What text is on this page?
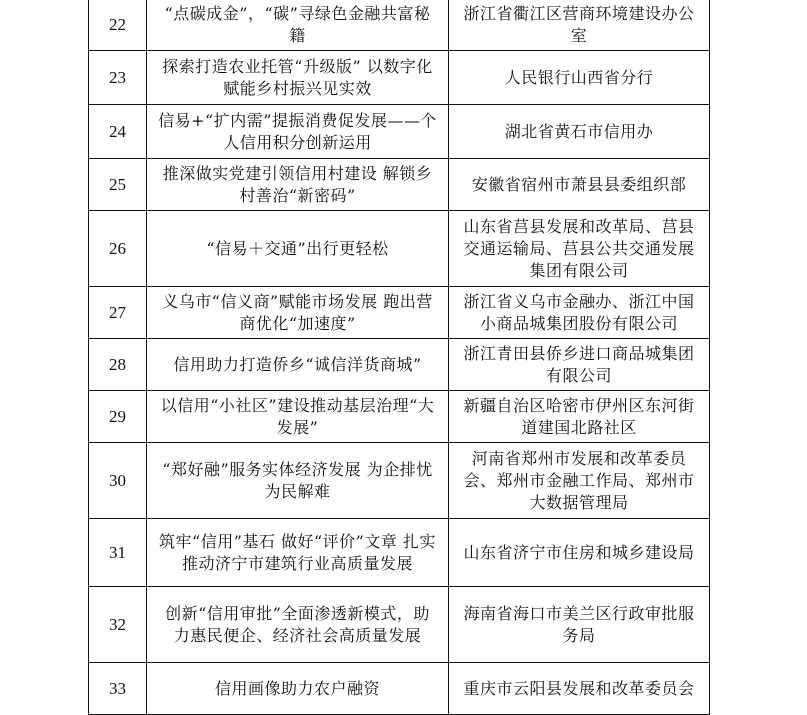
22	“点碳成金”，“碳”寻绿色金融共富秘籍	浙江省衢江区营商环境建设办公室
23	探索打造农业托管“升级版” 以数字化赋能乡村振兴见实效	人民银行山西省分行
24	信易+“扩内需”提振消费促发展——个人信用积分创新运用	湖北省黄石市信用办
25	推深做实党建引领信用村建设 解锁乡村善治“新密码”	安徽省宿州市萧县县委组织部
26	“信易＋交通”出行更轻松	山东省莒县发展和改革局、莒县交通运输局、莒县公共交通发展集团有限公司
27	义乌市“信义商”赋能市场发展 跑出营商优化“加速度”	浙江省义乌市金融办、浙江中国小商品城集团股份有限公司
28	信用助力打造侨乡“诚信洋货商城”	浙江青田县侨乡进口商品城集团有限公司
29	以信用“小社区”建设推动基层治理“大发展”	新疆自治区哈密市伊州区东河街道建国北路社区
30	“郑好融”服务实体经济发展 为企排忧 为民解难	河南省郑州市发展和改革委员会、郑州市金融工作局、郑州市大数据管理局
31	筑牢“信用”基石 做好“评价”文章 扎实推动济宁市建筑行业高质量发展	山东省济宁市住房和城乡建设局
32	创新“信用审批”全面渗透新模式，助力惠民便企、经济社会高质量发展	海南省海口市美兰区行政审批服务局
33	信用画像助力农户融资	重庆市云阳县发展和改革委员会
